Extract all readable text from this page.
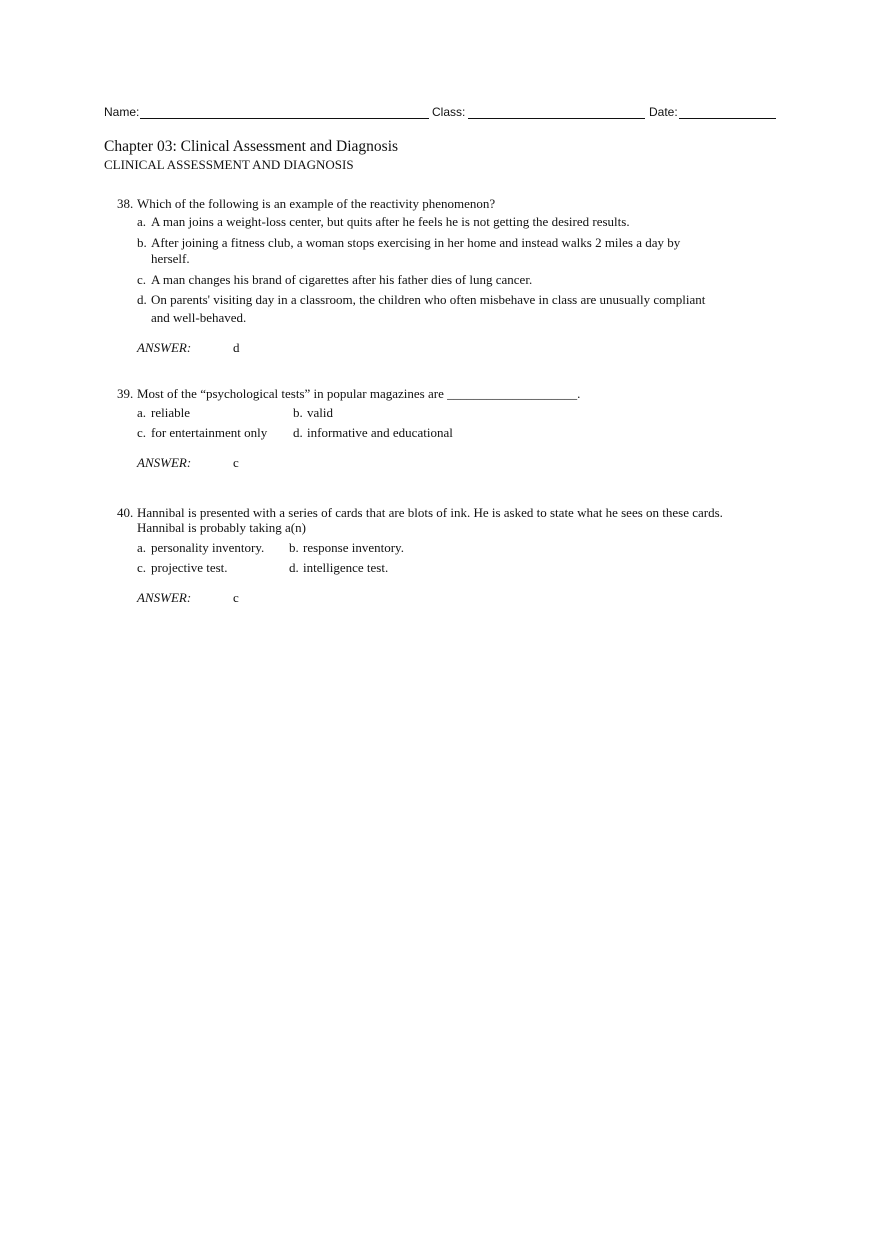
Name:	Class:	Date:
Chapter 03: Clinical Assessment and Diagnosis
CLINICAL ASSESSMENT AND DIAGNOSIS
38. Which of the following is an example of the reactivity phenomenon?
a. A man joins a weight-loss center, but quits after he feels he is not getting the desired results.
b. After joining a fitness club, a woman stops exercising in her home and instead walks 2 miles a day by
herself.
c. A man changes his brand of cigarettes after his father dies of lung cancer.
d. On parents' visiting day in a classroom, the children who often misbehave in class are unusually compliant
and well-behaved.
ANSWER:	d
39. Most of the “psychological tests” in popular magazines are ____________________.
a. reliable	b. valid
c. for entertainment only d. informative and educational
ANSWER:	c
40. Hannibal is presented with a series of cards that are blots of ink. He is asked to state what he sees on these cards.
Hannibal is probably taking a(n)
a. personality inventory. b. response inventory.
c. projective test.	d. intelligence test.
ANSWER:	c
